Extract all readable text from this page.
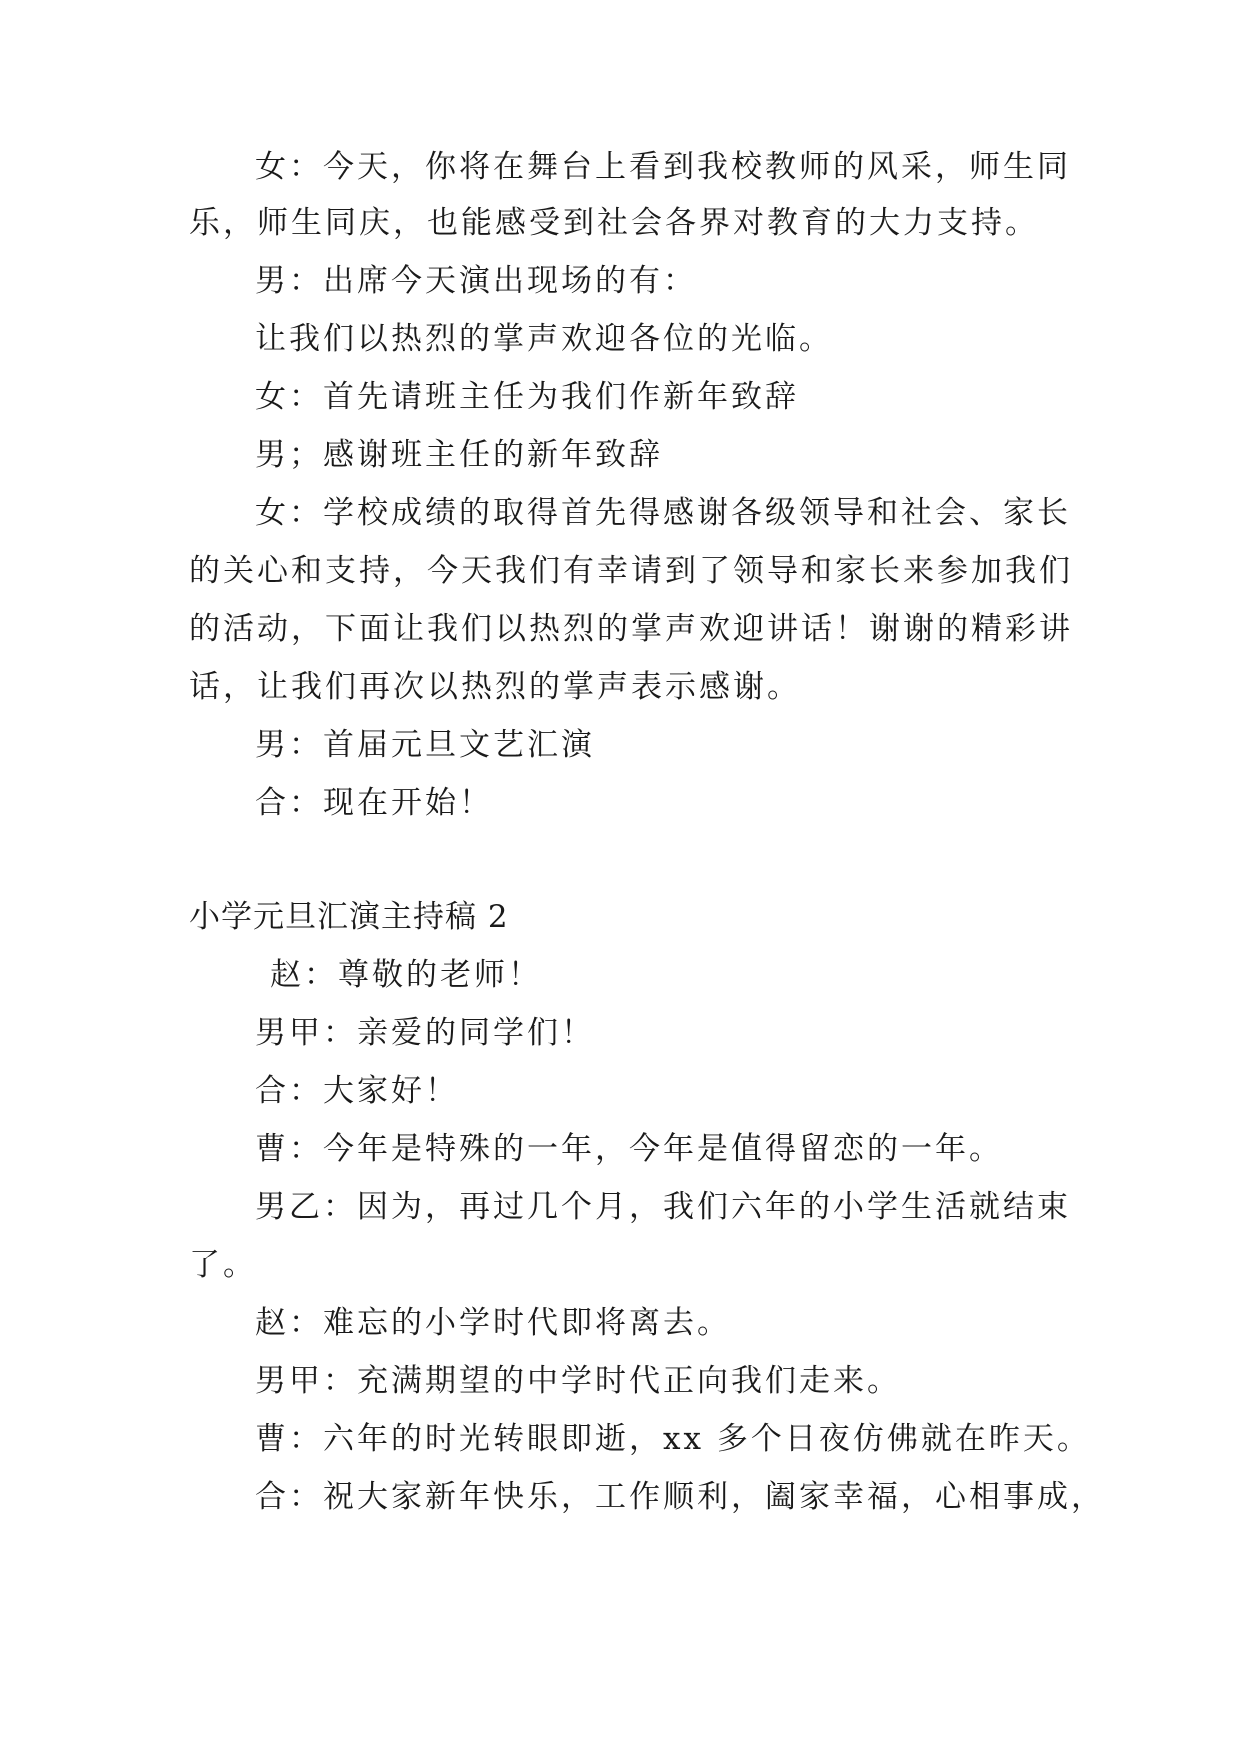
女：今天，你将在舞台上看到我校教师的风采，师生同
乐，师生同庆，也能感受到社会各界对教育的大力支持。
男：出席今天演出现场的有：
让我们以热烈的掌声欢迎各位的光临。
女：首先请班主任为我们作新年致辞
男；感谢班主任的新年致辞
女：学校成绩的取得首先得感谢各级领导和社会、家长
的关心和支持，今天我们有幸请到了领导和家长来参加我们
的活动，下面让我们以热烈的掌声欢迎讲话！谢谢的精彩讲
话，让我们再次以热烈的掌声表示感谢。
男：首届元旦文艺汇演
合：现在开始！
小学元旦汇演主持稿 2
赵：尊敬的老师！
男甲：亲爱的同学们！
合：大家好！
曹：今年是特殊的一年，今年是值得留恋的一年。
男乙：因为，再过几个月，我们六年的小学生活就结束
了。
赵：难忘的小学时代即将离去。
男甲：充满期望的中学时代正向我们走来。
曹：六年的时光转眼即逝，xx 多个日夜仿佛就在昨天。
合：祝大家新年快乐，工作顺利，阖家幸福，心相事成，
